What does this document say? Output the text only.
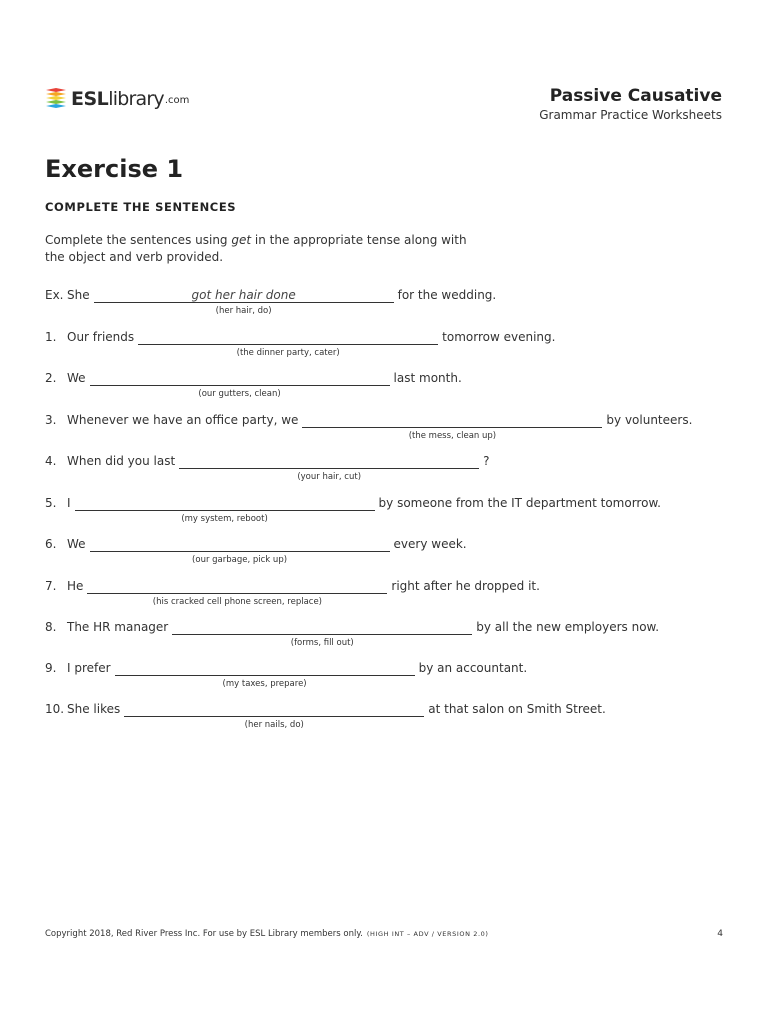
ESL library .com	Passive Causative
Grammar Practice Worksheets
Exercise 1
COMPLETE THE SENTENCES
Complete the sentences using get in the appropriate tense along with the object and verb provided.
Ex. She	got her hair done
(her hair, do)
for the wedding.
1. Our friends
(the dinner party, cater)
tomorrow evening.
2. We
(our gutters, clean)
last month.
3. Whenever we have an office party, we
(the mess, clean up)
by volunteers.
4. When did you last
(your hair, cut)
?
5. I
(my system, reboot)
by someone from the IT department tomorrow.
6. We
(our garbage, pick up)
every week.
7. He
(his cracked cell phone screen, replace)
right after he dropped it.
8. The HR manager
(forms, fill out)
by all the new employers now.
9. I prefer
(my taxes, prepare)
by an accountant.
10. She likes
(her nails, do)
at that salon on Smith Street.
Copyright 2018, Red River Press Inc. For use by ESL Library members only. (HIGH INT – ADV / VERSION 2.0)	4
